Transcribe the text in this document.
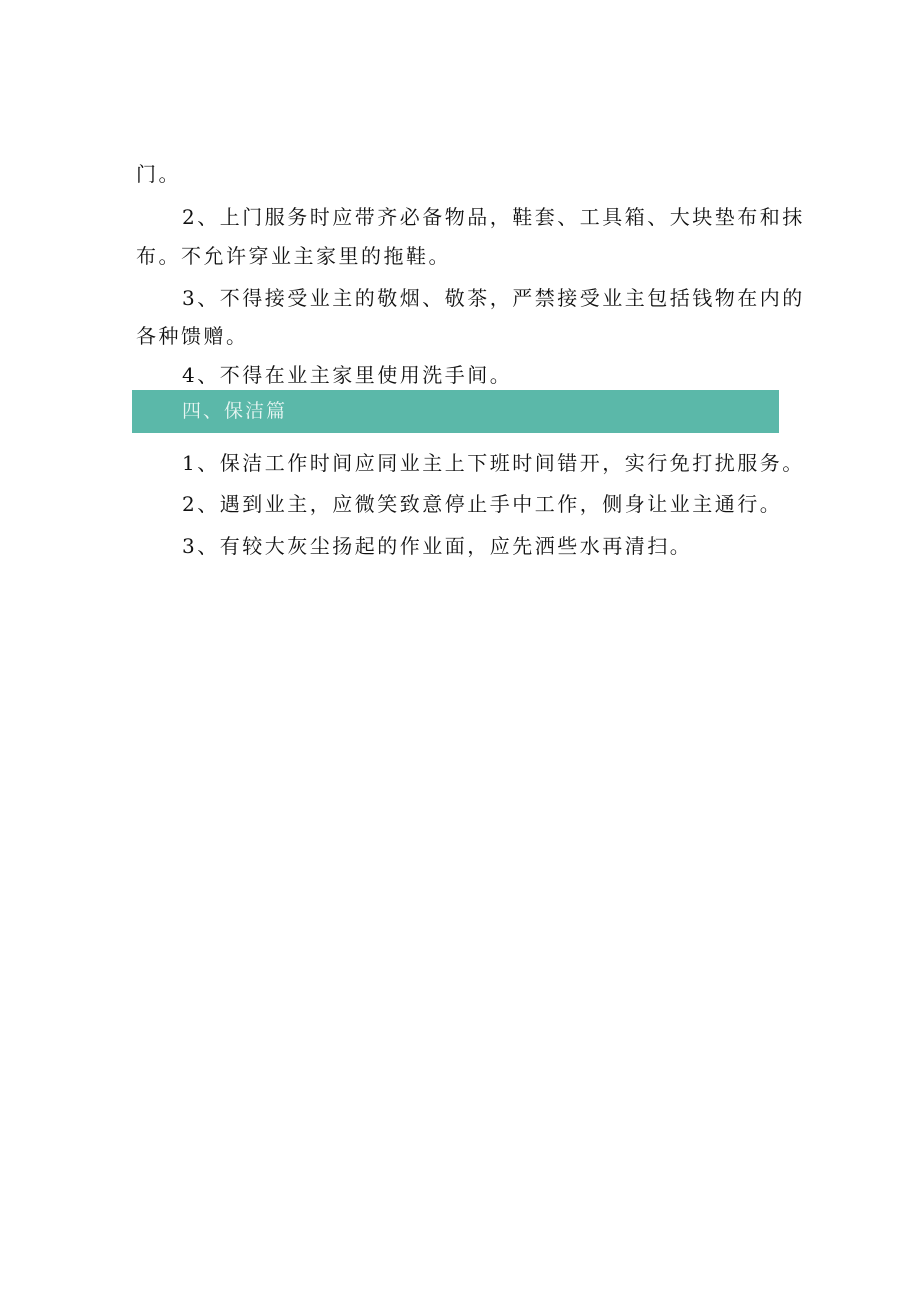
门。
2、上门服务时应带齐必备物品，鞋套、工具箱、大块垫布和抹
布。不允许穿业主家里的拖鞋。
3、不得接受业主的敬烟、敬茶，严禁接受业主包括钱物在内的
各种馈赠。
4、不得在业主家里使用洗手间。
四、保洁篇
1、保洁工作时间应同业主上下班时间错开，实行免打扰服务。
2、遇到业主，应微笑致意停止手中工作，侧身让业主通行。
3、有较大灰尘扬起的作业面，应先洒些水再清扫。
